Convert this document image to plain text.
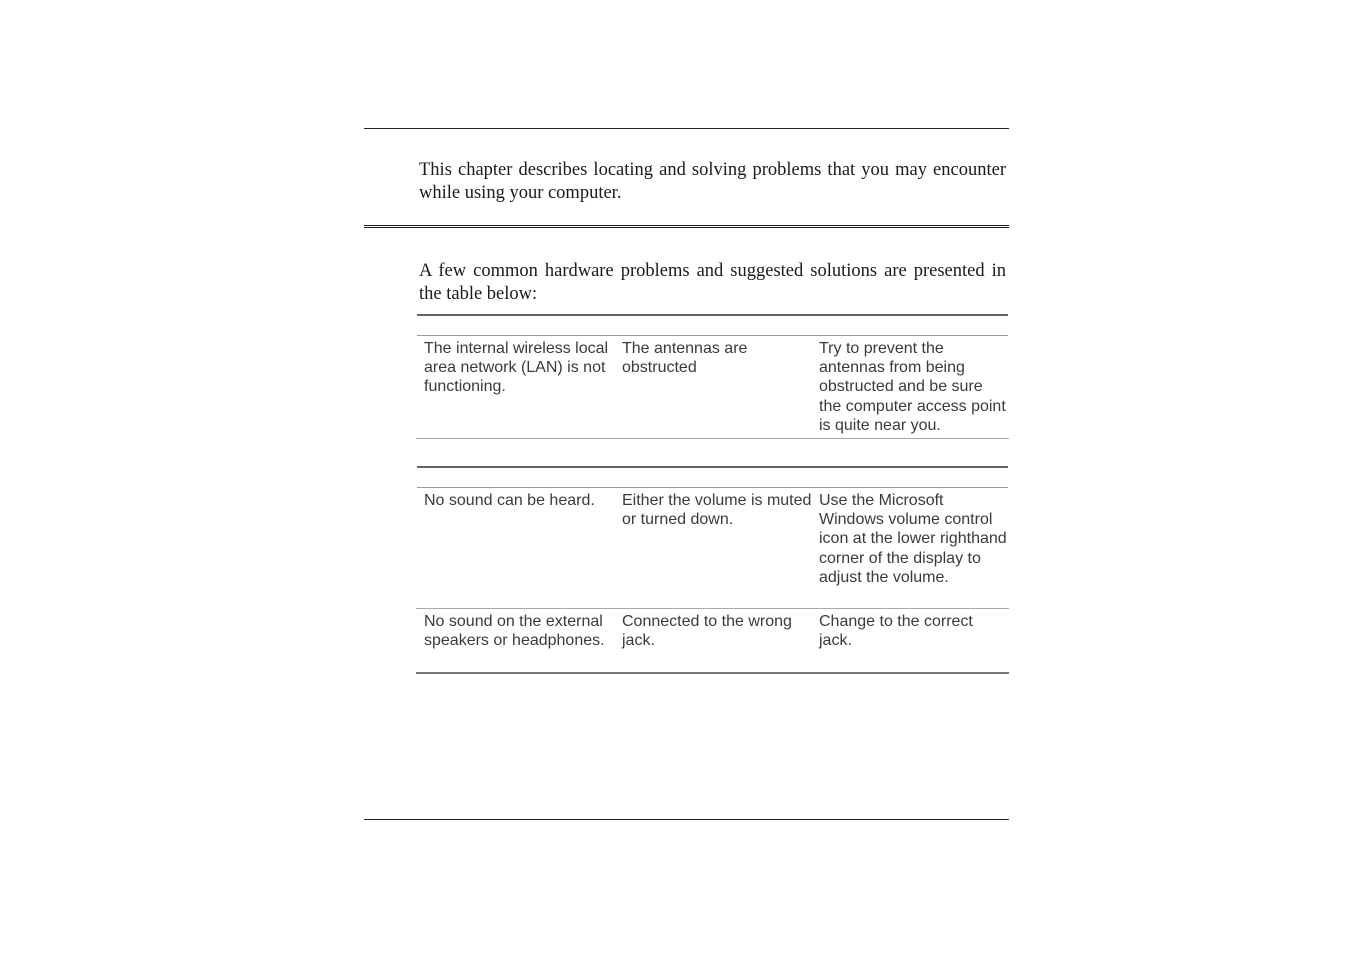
This chapter describes locating and solving problems that you may encounter while using your computer.

A few common hardware problems and suggested solutions are presented in the table below:

The internal wireless local area network (LAN) is not functioning.
The antennas are obstructed
Try to prevent the antennas from being obstructed and be sure the computer access point is quite near you.
No sound can be heard.	Either the volume is muted or turned down.
Use the Microsoft Windows volume control icon at the lower righthand corner of the display to adjust the volume.
No sound on the external speakers or headphones.
Connected to the wrong jack.
Change to the correct jack.
